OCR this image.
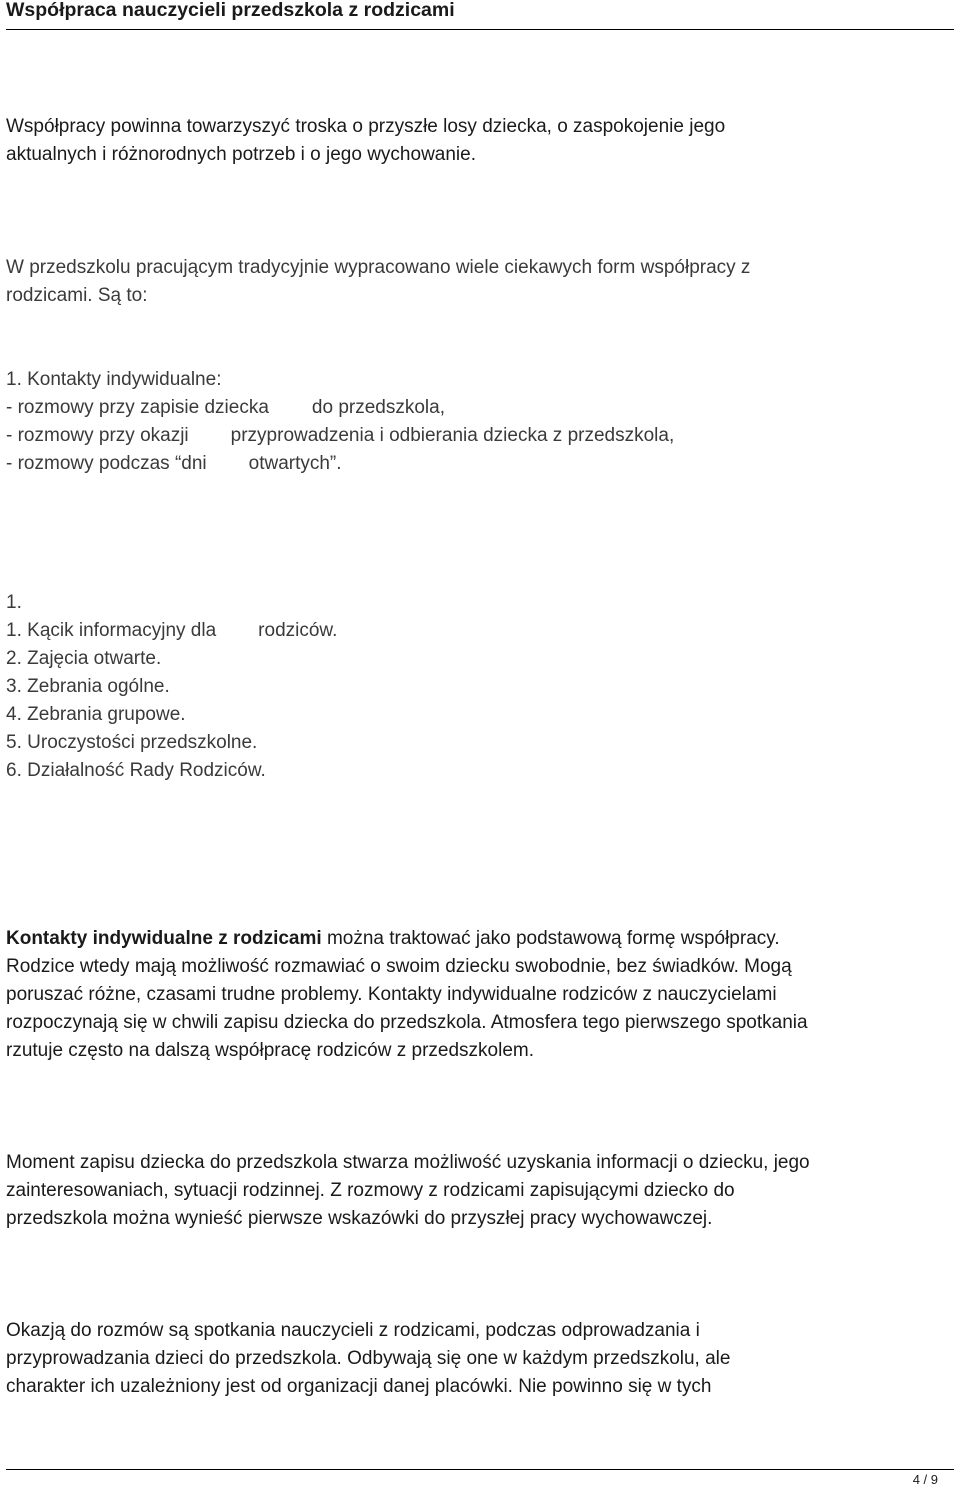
Współpraca nauczycieli przedszkola z rodzicami
Współpracy powinna towarzyszyć troska o przyszłe losy dziecka, o zaspokojenie jego
aktualnych i różnorodnych potrzeb i o jego wychowanie.
W przedszkolu pracującym tradycyjnie wypracowano wiele ciekawych form współpracy z
rodzicami. Są to:
1. Kontakty indywidualne:
- rozmowy przy zapisie dziecka do przedszkola,
- rozmowy przy okazji przyprowadzenia i odbierania dziecka z przedszkola,
- rozmowy podczas “dni otwartych”.
1.
1. Kącik informacyjny dla rodziców.
2. Zajęcia otwarte.
3. Zebrania ogólne.
4. Zebrania grupowe.
5. Uroczystości przedszkolne.
6. Działalność Rady Rodziców.
Kontakty indywidualne z rodzicami można traktować jako podstawową formę współpracy.
Rodzice wtedy mają możliwość rozmawiać o swoim dziecku swobodnie, bez świadków. Mogą
poruszać różne, czasami trudne problemy. Kontakty indywidualne rodziców z nauczycielami
rozpoczynają się w chwili zapisu dziecka do przedszkola. Atmosfera tego pierwszego spotkania
rzutuje często na dalszą współpracę rodziców z przedszkolem.
Moment zapisu dziecka do przedszkola stwarza możliwość uzyskania informacji o dziecku, jego
zainteresowaniach, sytuacji rodzinnej. Z rozmowy z rodzicami zapisującymi dziecko do
przedszkola można wynieść pierwsze wskazówki do przyszłej pracy wychowawczej.
Okazją do rozmów są spotkania nauczycieli z rodzicami, podczas odprowadzania i
przyprowadzania dzieci do przedszkola. Odbywają się one w każdym przedszkolu, ale
charakter ich uzależniony jest od organizacji danej placówki. Nie powinno się w tych
4 / 9
